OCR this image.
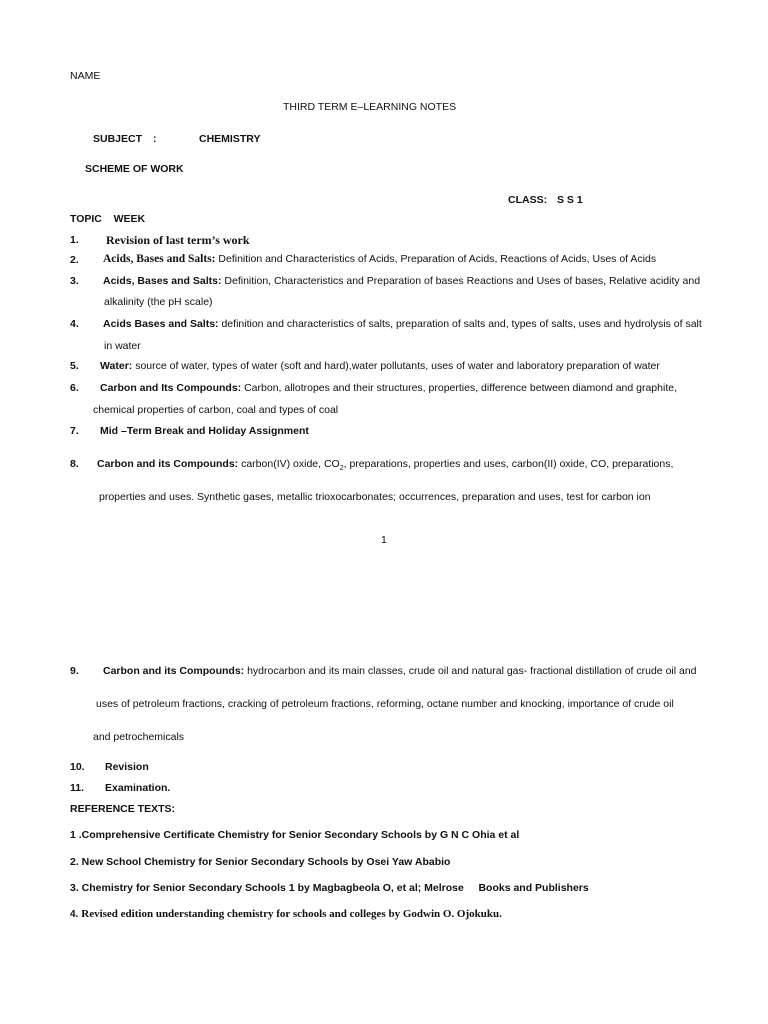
NAME
THIRD TERM E–LEARNING NOTES
SUBJECT :	CHEMISTRY
SCHEME OF WORK
CLASS: S S 1
TOPIC    WEEK
1. Revision of last term’s work
2. Acids, Bases and Salts: Definition and Characteristics of Acids, Preparation of Acids, Reactions of Acids, Uses of Acids
3. Acids, Bases and Salts: Definition, Characteristics and Preparation of bases Reactions and Uses of bases, Relative acidity and
alkalinity (the pH scale)
4. Acids Bases and Salts: definition and characteristics of salts, preparation of salts and, types of salts, uses and hydrolysis of salt
in water
5. Water: source of water, types of water (soft and hard),water pollutants, uses of water and laboratory preparation of water
6. Carbon and Its Compounds: Carbon, allotropes and their structures, properties, difference between diamond and graphite,
chemical properties of carbon, coal and types of coal
7. Mid –Term Break and Holiday Assignment
8. Carbon and its Compounds: carbon(IV) oxide, $CO_2$, preparations, properties and uses, carbon(II) oxide, CO, preparations,
properties and uses. Synthetic gases, metallic trioxocarbonates; occurrences, preparation and uses, test for carbon ion
1
9. Carbon and its Compounds: hydrocarbon and its main classes, crude oil and natural gas- fractional distillation of crude oil and
uses of petroleum fractions, cracking of petroleum fractions, reforming, octane number and knocking, importance of crude oil
and petrochemicals
10. Revision
11. Examination.
REFERENCE TEXTS:
1 .Comprehensive Certificate Chemistry for Senior Secondary Schools by G N C Ohia et al
2. New School Chemistry for Senior Secondary Schools by Osei Yaw Ababio
3. Chemistry for Senior Secondary Schools 1 by Magbagbeola O, et al; Melrose     Books and Publishers
4. Revised edition understanding chemistry for schools and colleges by Godwin O. Ojokuku.
